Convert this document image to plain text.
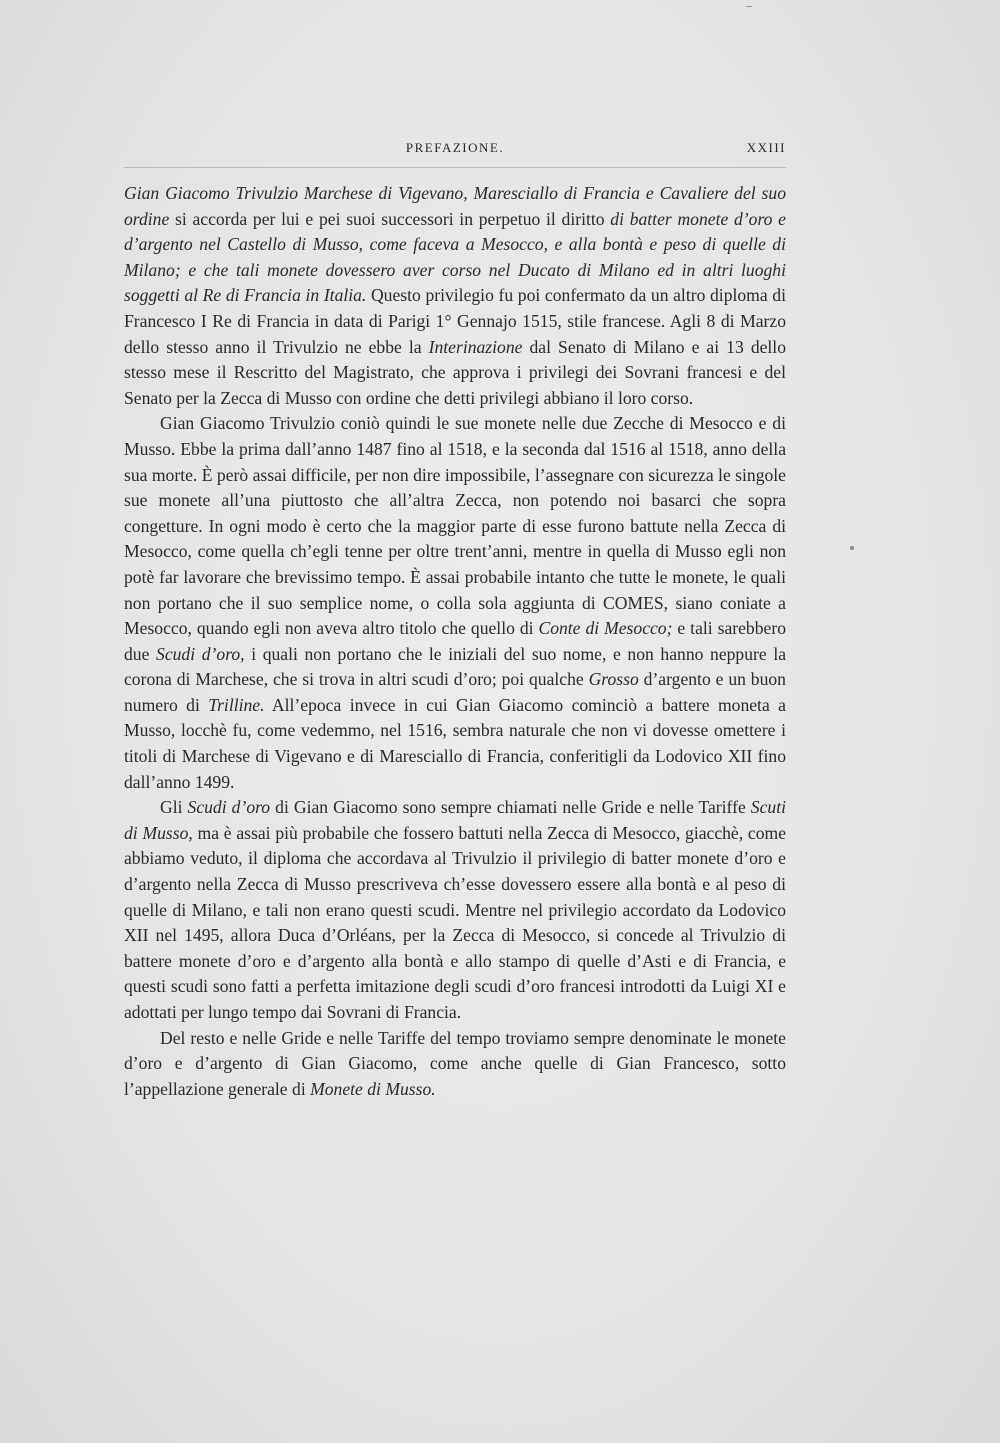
PREFAZIONE.	XXIII

Gian Giacomo Trivulzio Marchese di Vigevano, Maresciallo di Francia e Cavaliere del suo ordine si accorda per lui e pei suoi successori in perpetuo il diritto di batter monete d’oro e d’argento nel Castello di Musso, come faceva a Mesocco, e alla bontà e peso di quelle di Milano; e che tali monete dovessero aver corso nel Ducato di Milano ed in altri luoghi soggetti al Re di Francia in Italia. Questo privilegio fu poi confermato da un altro diploma di Francesco I Re di Francia in data di Parigi 1° Gennajo 1515, stile francese. Agli 8 di Marzo dello stesso anno il Trivulzio ne ebbe la Interinazione dal Senato di Milano e ai 13 dello stesso mese il Rescritto del Magistrato, che approva i privilegi dei Sovrani francesi e del Senato per la Zecca di Musso con ordine che detti privilegi abbiano il loro corso.

Gian Giacomo Trivulzio coniò quindi le sue monete nelle due Zecche di Mesocco e di Musso. Ebbe la prima dall’anno 1487 fino al 1518, e la seconda dal 1516 al 1518, anno della sua morte. È però assai difficile, per non dire impossibile, l’assegnare con sicurezza le singole sue monete all’una piuttosto che all’altra Zecca, non potendo noi basarci che sopra congetture. In ogni modo è certo che la maggior parte di esse furono battute nella Zecca di Mesocco, come quella ch’egli tenne per oltre trent’anni, mentre in quella di Musso egli non potè far lavorare che brevissimo tempo. È assai probabile intanto che tutte le monete, le quali non portano che il suo semplice nome, o colla sola aggiunta di COMES, siano coniate a Mesocco, quando egli non aveva altro titolo che quello di Conte di Mesocco; e tali sarebbero due Scudi d’oro, i quali non portano che le iniziali del suo nome, e non hanno neppure la corona di Marchese, che si trova in altri scudi d’oro; poi qualche Grosso d’argento e un buon numero di Trilline. All’epoca invece in cui Gian Giacomo cominciò a battere moneta a Musso, locchè fu, come vedemmo, nel 1516, sembra naturale che non vi dovesse omettere i titoli di Marchese di Vigevano e di Maresciallo di Francia, conferitigli da Lodovico XII fino dall’anno 1499.

Gli Scudi d’oro di Gian Giacomo sono sempre chiamati nelle Gride e nelle Tariffe Scuti di Musso, ma è assai più probabile che fossero battuti nella Zecca di Mesocco, giacchè, come abbiamo veduto, il diploma che accordava al Trivulzio il privilegio di batter monete d’oro e d’argento nella Zecca di Musso prescriveva ch’esse dovessero essere alla bontà e al peso di quelle di Milano, e tali non erano questi scudi. Mentre nel privilegio accordato da Lodovico XII nel 1495, allora Duca d’Orléans, per la Zecca di Mesocco, si concede al Trivulzio di battere monete d’oro e d’argento alla bontà e allo stampo di quelle d’Asti e di Francia, e questi scudi sono fatti a perfetta imitazione degli scudi d’oro francesi introdotti da Luigi XI e adottati per lungo tempo dai Sovrani di Francia.

Del resto e nelle Gride e nelle Tariffe del tempo troviamo sempre denominate le monete d’oro e d’argento di Gian Giacomo, come anche quelle di Gian Francesco, sotto l’appellazione generale di Monete di Musso.
